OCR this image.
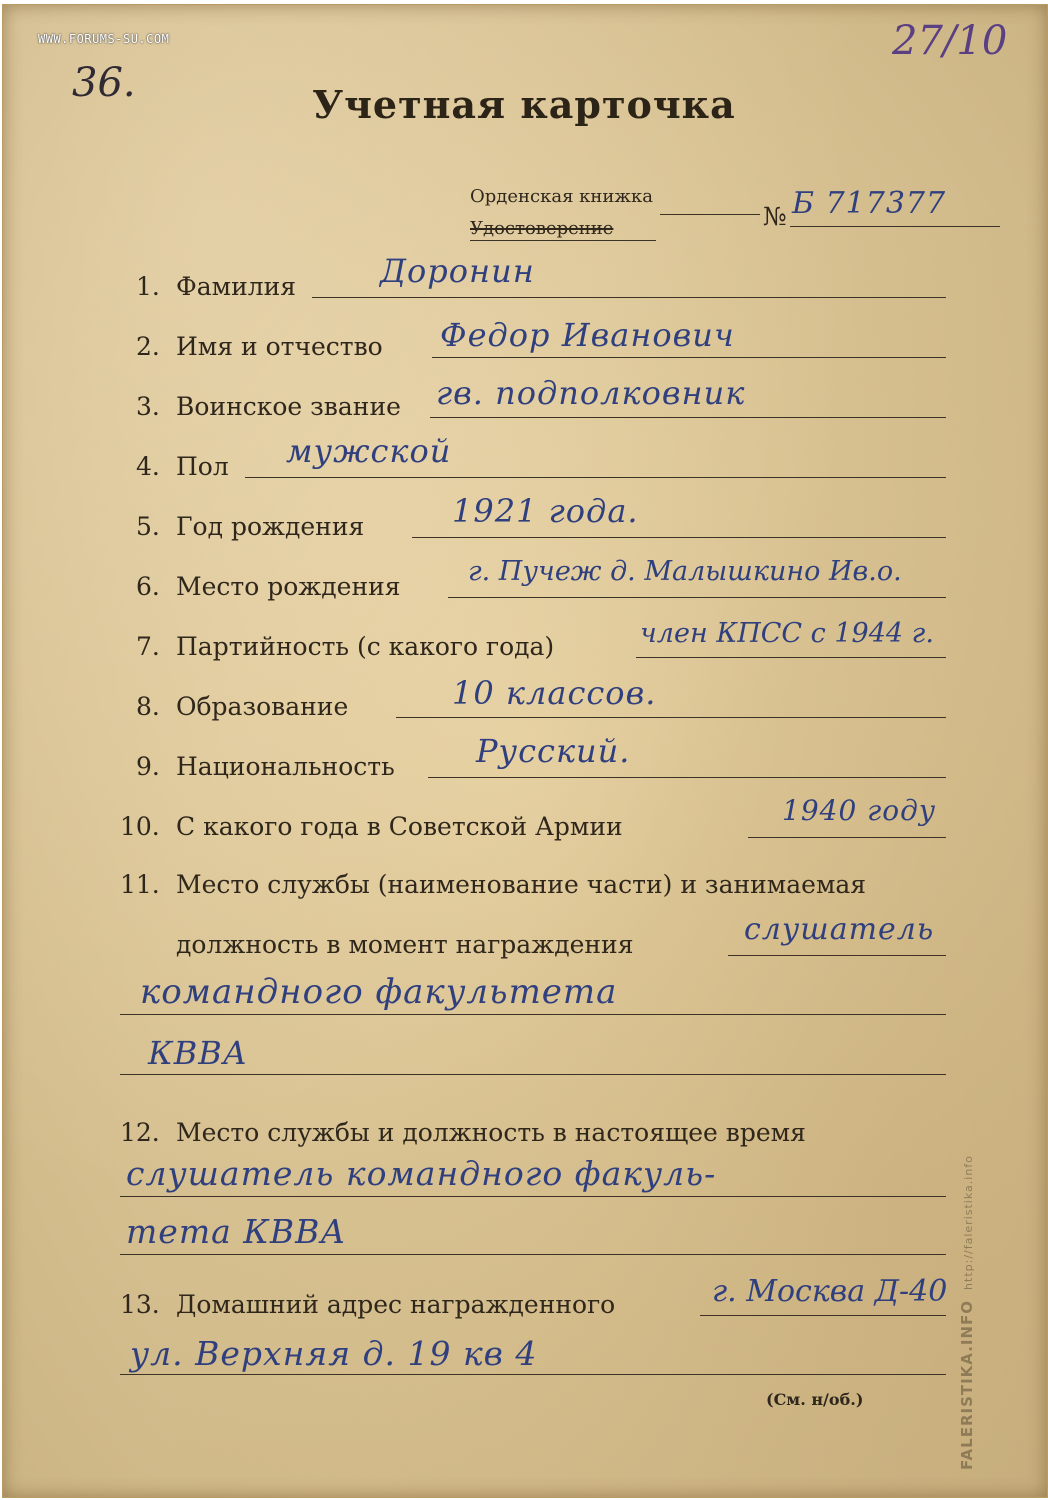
WWW.FORUMS-SU.COM
FALERISTIKA.INFOhttp://faleristika.info
36.
27/10
Учетная карточка
Орденская книжка
Удостоверение	№ Б 717377
1. Фамилия	Доронин
2. Имя и отчество Федор Иванович
3. Воинское звание гв. подполковник
4. Пол мужской
5. Год рождения	1921 года.
6. Место рождения г. Пучеж д. Малышкино Ив.о.
7. Партийность (с какого года)	член КПСС с 1944 г.
8. Образование	10 классов.
9. Национальность	Русский.
10. С какого года в Советской Армии	1940 году
11. Место службы (наименование части) и занимаемая
должность в момент награждения	слушатель
командного факультета
КВВА
12. Место службы и должность в настоящее время
слушатель командного факуль-
тета КВВА
13. Домашний адрес награжденного	г. Москва Д-40
ул. Верхняя д. 19 кв 4
(См. н/об.)
